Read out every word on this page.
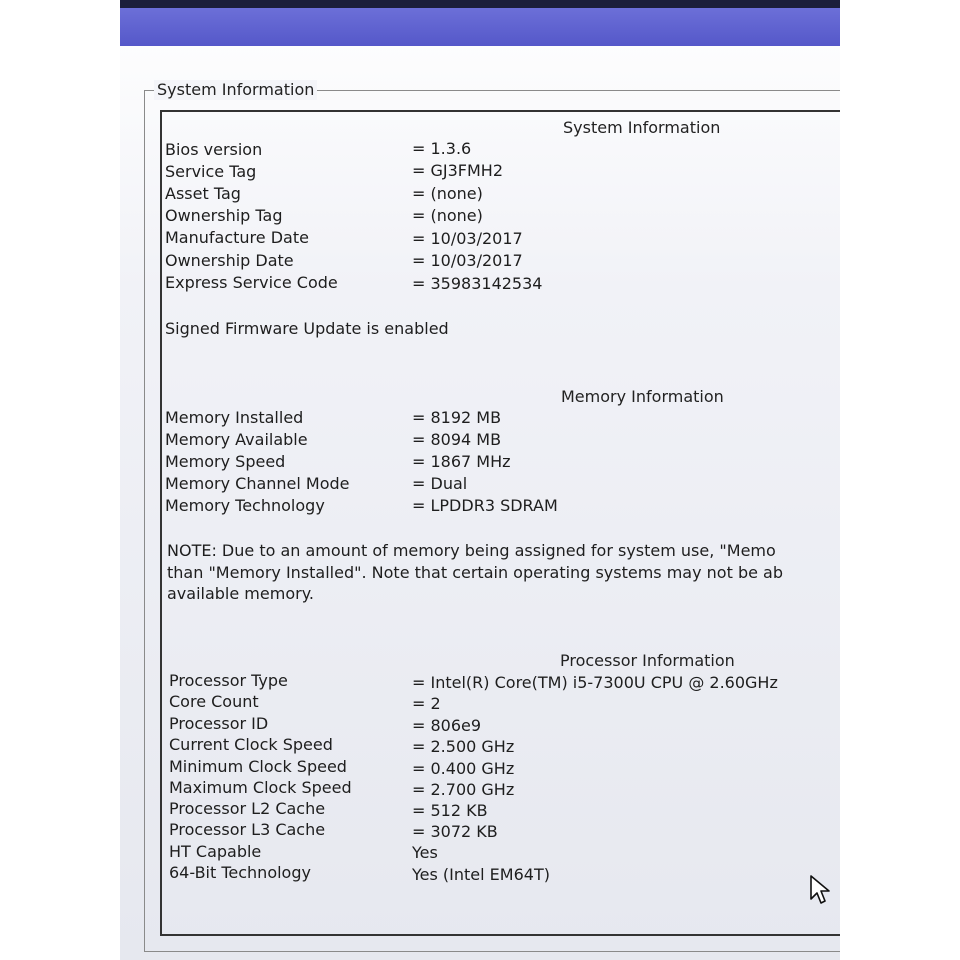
System Information
System Information
Bios version	= 1.3.6
Service Tag	= GJ3FMH2
Asset Tag	= (none)
Ownership Tag	= (none)
Manufacture Date	= 10/03/2017
Ownership Date	= 10/03/2017
Express Service Code	= 35983142534
Signed Firmware Update is enabled
Memory Information
Memory Installed	= 8192 MB
Memory Available	= 8094 MB
Memory Speed	= 1867 MHz
Memory Channel Mode	= Dual
Memory Technology	= LPDDR3 SDRAM
NOTE: Due to an amount of memory being assigned for system use, "Memo
than "Memory Installed". Note that certain operating systems may not be ab
available memory.
Processor Information
Processor Type	= Intel(R) Core(TM) i5-7300U CPU @ 2.60GHz
Core Count	= 2
Processor ID	= 806e9
Current Clock Speed	= 2.500 GHz
Minimum Clock Speed	= 0.400 GHz
Maximum Clock Speed	= 2.700 GHz
Processor L2 Cache	= 512 KB
Processor L3 Cache	= 3072 KB
HT Capable	Yes
64-Bit Technology	Yes (Intel EM64T)
